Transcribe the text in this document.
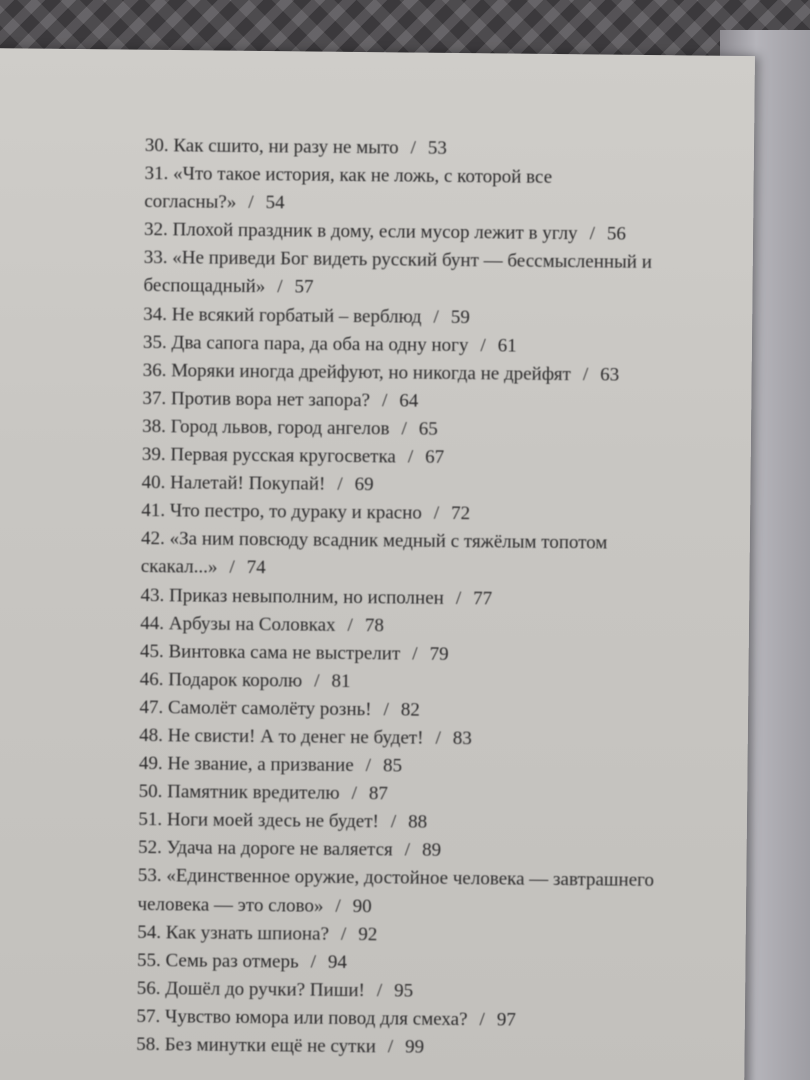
30. Как сшито, ни разу не мыто / 53
31. «Что такое история, как не ложь, с которой все согласны?» / 54
32. Плохой праздник в дому, если мусор лежит в углу / 56
33. «Не приведи Бог видеть русский бунт — бессмысленный и беспощадный» / 57
34. Не всякий горбатый – верблюд / 59
35. Два сапога пара, да оба на одну ногу / 61
36. Моряки иногда дрейфуют, но никогда не дрейфят / 63
37. Против вора нет запора? / 64
38. Город львов, город ангелов / 65
39. Первая русская кругосветка / 67
40. Налетай! Покупай! / 69
41. Что пестро, то дураку и красно / 72
42. «За ним повсюду всадник медный с тяжёлым топотом скакал...» / 74
43. Приказ невыполним, но исполнен / 77
44. Арбузы на Соловках / 78
45. Винтовка сама не выстрелит / 79
46. Подарок королю / 81
47. Самолёт самолёту рознь! / 82
48. Не свисти! А то денег не будет! / 83
49. Не звание, а призвание / 85
50. Памятник вредителю / 87
51. Ноги моей здесь не будет! / 88
52. Удача на дороге не валяется / 89
53. «Единственное оружие, достойное человека — завтрашнего человека — это слово» / 90
54. Как узнать шпиона? / 92
55. Семь раз отмерь / 94
56. Дошёл до ручки? Пиши! / 95
57. Чувство юмора или повод для смеха? / 97
58. Без минутки ещё не сутки / 99
